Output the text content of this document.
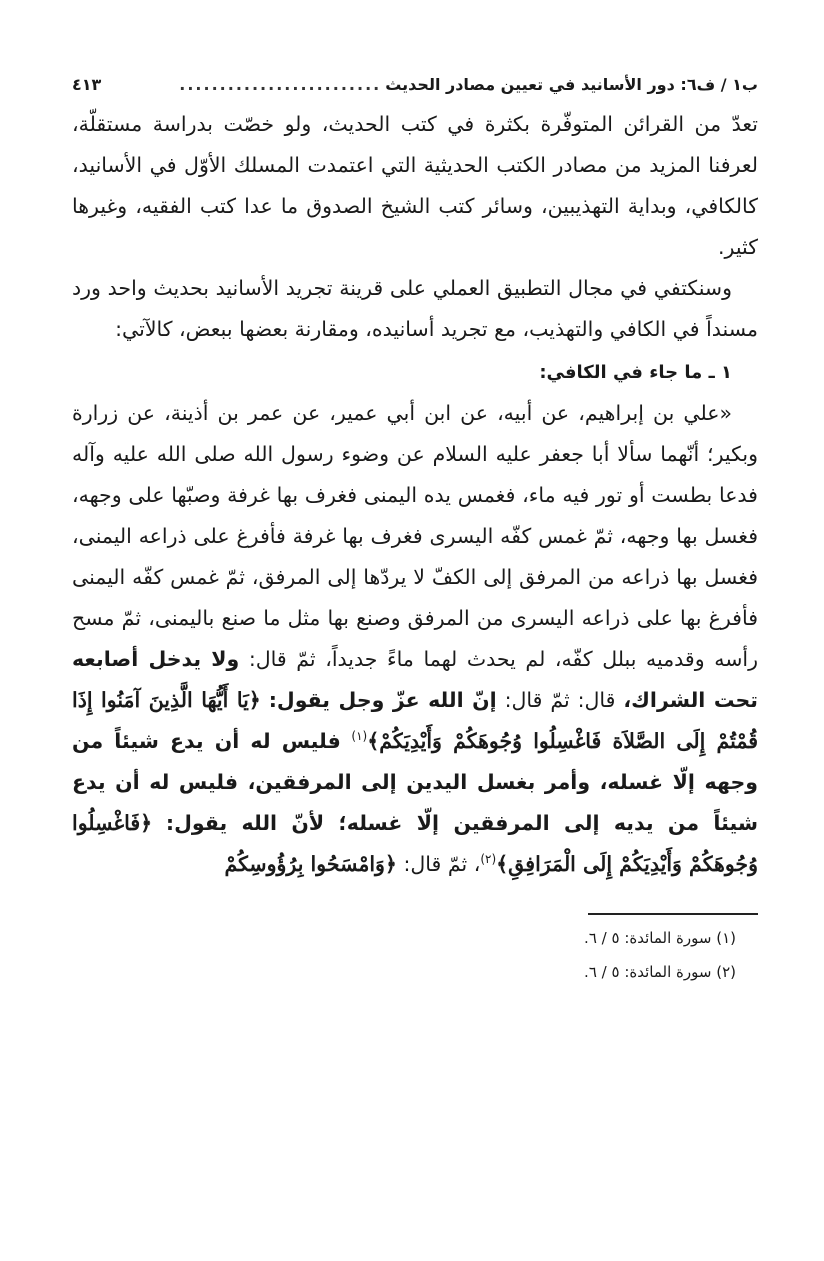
ب١ / ف٦: دور الأسانيد في تعيين مصادر الحديث
.........................
٤١٣

تعدّ من القرائن المتوفّرة بكثرة في كتب الحديث، ولو خصّت بدراسة مستقلّة، لعرفنا المزيد من مصادر الكتب الحديثية التي اعتمدت المسلك الأوّل في الأسانيد، كالكافي، وبداية التهذيبين، وسائر كتب الشيخ الصدوق ما عدا كتب الفقيه، وغيرها كثير.

وسنكتفي في مجال التطبيق العملي على قرينة تجريد الأسانيد بحديث واحد ورد مسنداً في الكافي والتهذيب، مع تجريد أسانيده، ومقارنة بعضها ببعض، كالآتي:

١ ـ ما جاء في الكافي:

«علي بن إبراهيم، عن أبيه، عن ابن أبي عمير، عن عمر بن أذينة، عن زرارة وبكير؛ أنّهما سألا أبا جعفر عليه السلام عن وضوء رسول الله صلى الله عليه وآله فدعا بطست أو تور فيه ماء، فغمس يده اليمنى فغرف بها غرفة وصبّها على وجهه، فغسل بها وجهه، ثمّ غمس كفّه اليسرى فغرف بها غرفة فأفرغ على ذراعه اليمنى، فغسل بها ذراعه من المرفق إلى الكفّ لا يردّها إلى المرفق، ثمّ غمس كفّه اليمنى فأفرغ بها على ذراعه اليسرى من المرفق وصنع بها مثل ما صنع باليمنى، ثمّ مسح رأسه وقدميه ببلل كفّه، لم يحدث لهما ماءً جديداً، ثمّ قال: ولا يدخل أصابعه تحت الشراك، قال: ثمّ قال: إنّ الله عزّ وجل يقول: ﴿يَا أَيُّهَا الَّذِينَ آمَنُوا إِذَا قُمْتُمْ إِلَى الصَّلاَة فَاغْسِلُوا وُجُوهَكُمْ وَأَيْدِيَكُمْ﴾$^{(١)}$ فليس له أن يدع شيئاً من وجهه إلّا غسله، وأمر بغسل اليدين إلى المرفقين، فليس له أن يدع شيئاً من يديه إلى المرفقين إلّا غسله؛ لأنّ الله يقول: ﴿فَاغْسِلُوا وُجُوهَكُمْ وَأَيْدِيَكُمْ إِلَى الْمَرَافِقِ﴾$^{(٢)}$، ثمّ قال: ﴿وَامْسَحُوا بِرُؤُوسِكُمْ

(١) سورة المائدة: ٥ / ٦.
(٢) سورة المائدة: ٥ / ٦.
